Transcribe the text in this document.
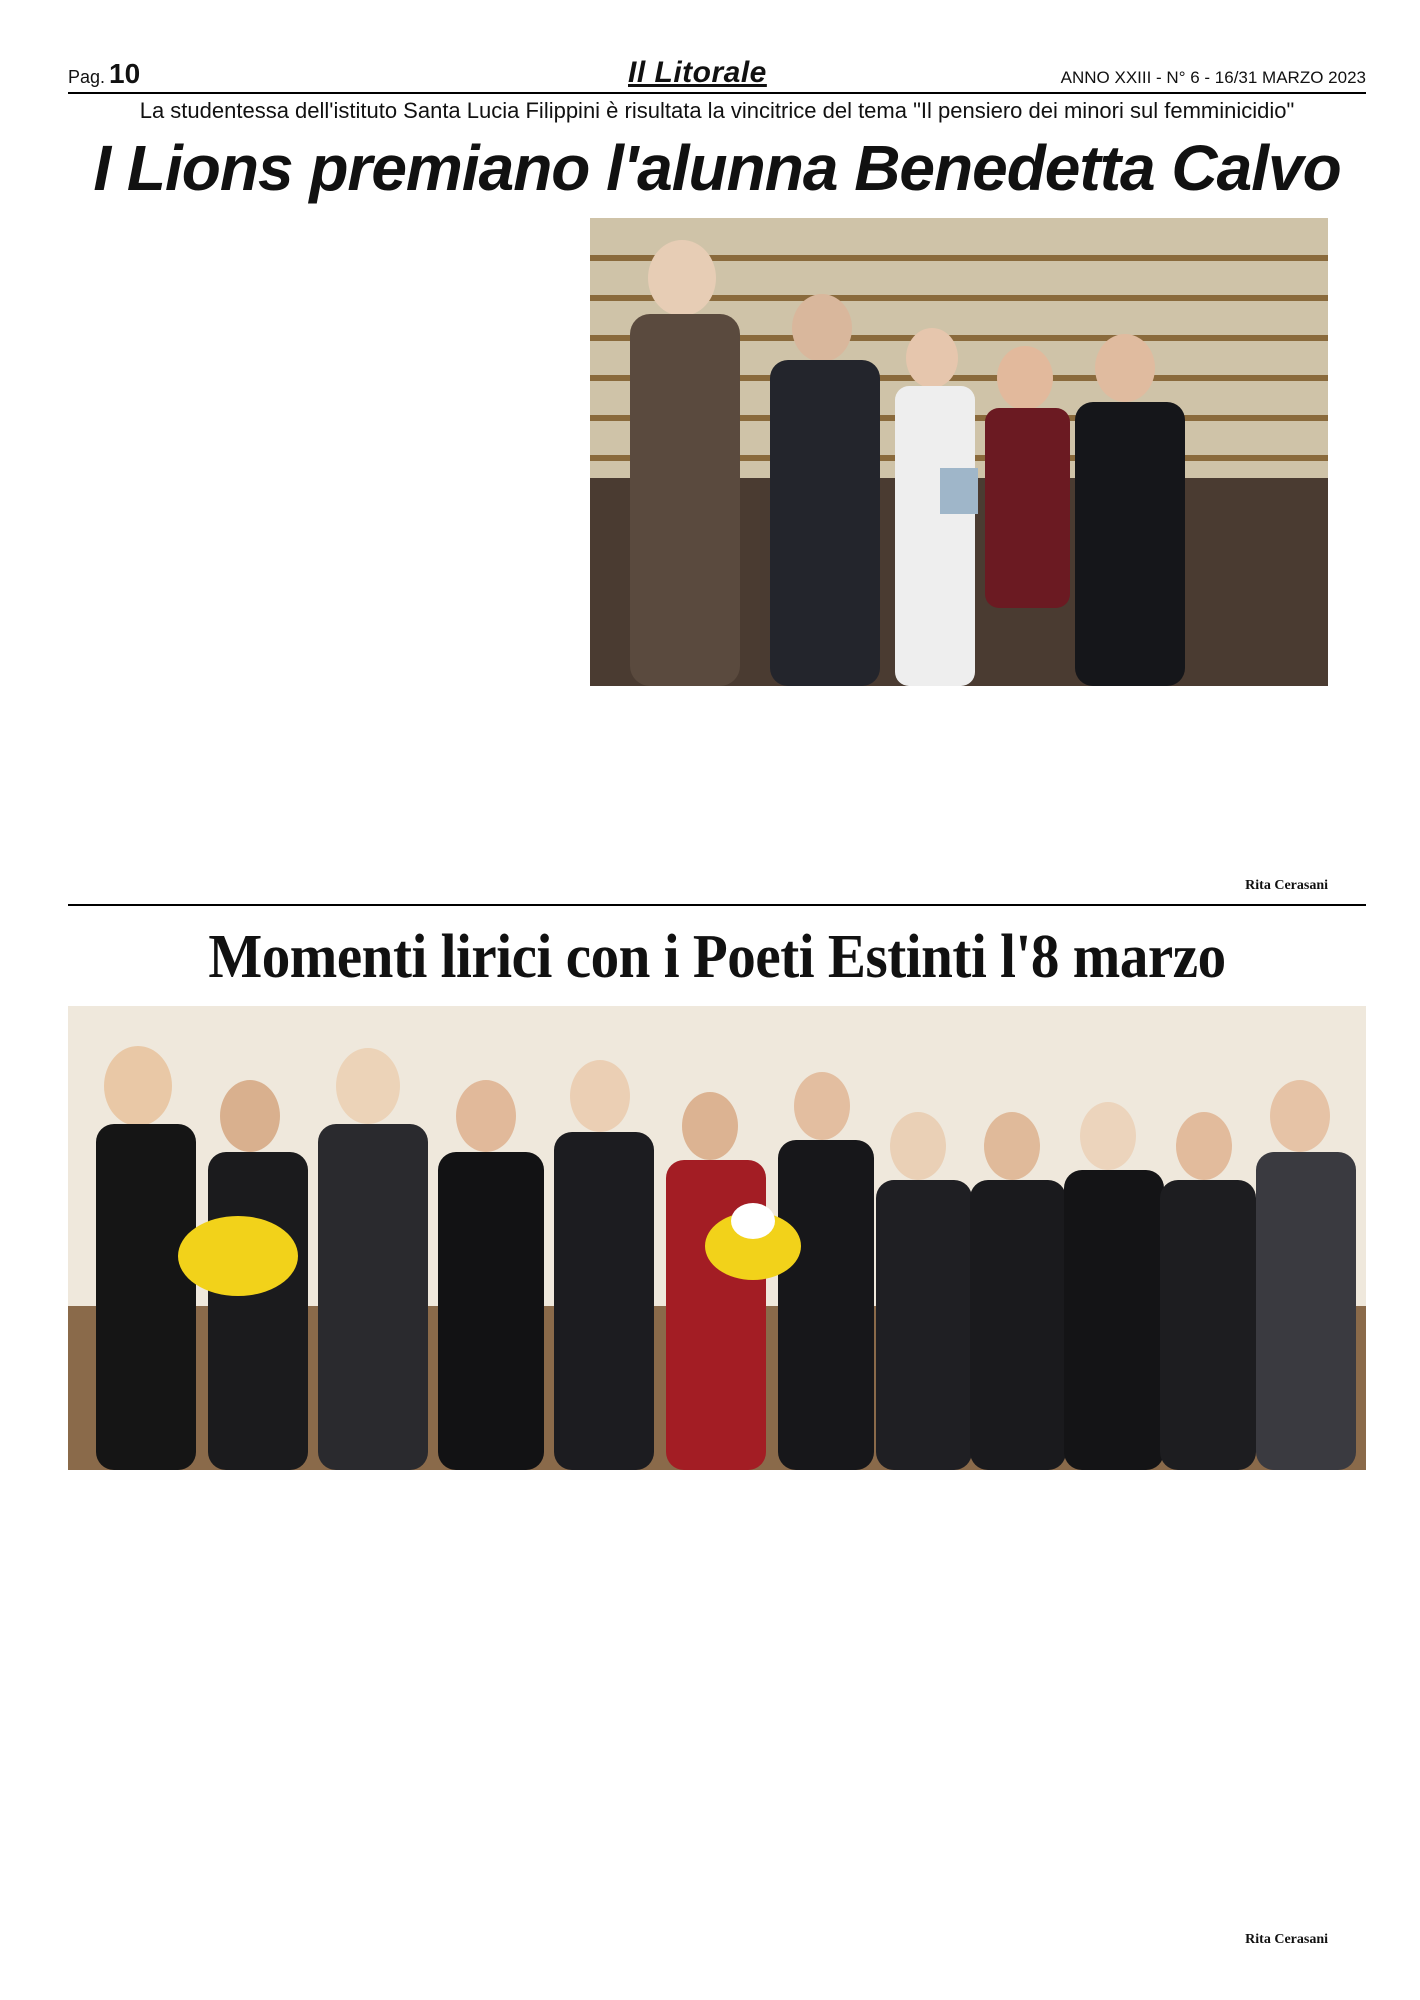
Pag. 10	Il Litorale	ANNO XXIII - N° 6 - 16/31 MARZO 2023
La studentessa dell'istituto Santa Lucia Filippini è risultata la vincitrice del tema "Il pensiero dei minori sul femminicidio"
I Lions premiano l'alunna Benedetta Calvo

Rita Cerasani
Momenti lirici con i Poeti Estinti l'8 marzo

Rita Cerasani
